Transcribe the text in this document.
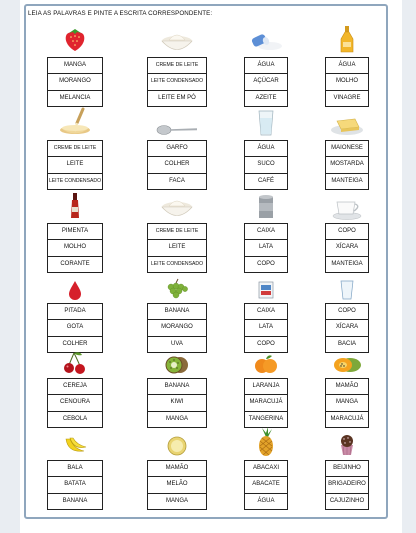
LEIA AS PALAVRAS E PINTE A ESCRITA CORRESPONDENTE:
MANGA
MORANGO
MELANCIA
CREME DE LEITE
LEITE CONDENSADO
LEITE EM PÓ
ÁGUA
AÇÚCAR
AZEITE
ÁGUA
MOLHO
VINAGRE
CREME DE LEITE
LEITE
LEITE CONDENSADO
GARFO
COLHER
FACA
ÁGUA
SUCO
CAFÉ
MAIONESE
MOSTARDA
MANTEIGA
PIMENTA
MOLHO
CORANTE
CREME DE LEITE
LEITE
LEITE CONDENSADO
CAIXA
LATA
COPO
COPO
XÍCARA
MANTEIGA
PITADA
GOTA
COLHER
BANANA
MORANGO
UVA
CAIXA
LATA
COPO
COPO
XÍCARA
BACIA
CEREJA
CENOURA
CEBOLA
BANANA
KIWI
MANGA
LARANJA
MARACUJÁ
TANGERINA
MAMÃO
MANGA
MARACUJÁ
BALA
BATATA
BANANA
MAMÃO
MELÃO
MANGA
ABACAXI
ABACATE
ÁGUA
BEIJINHO
BRIGADEIRO
CAJUZINHO
